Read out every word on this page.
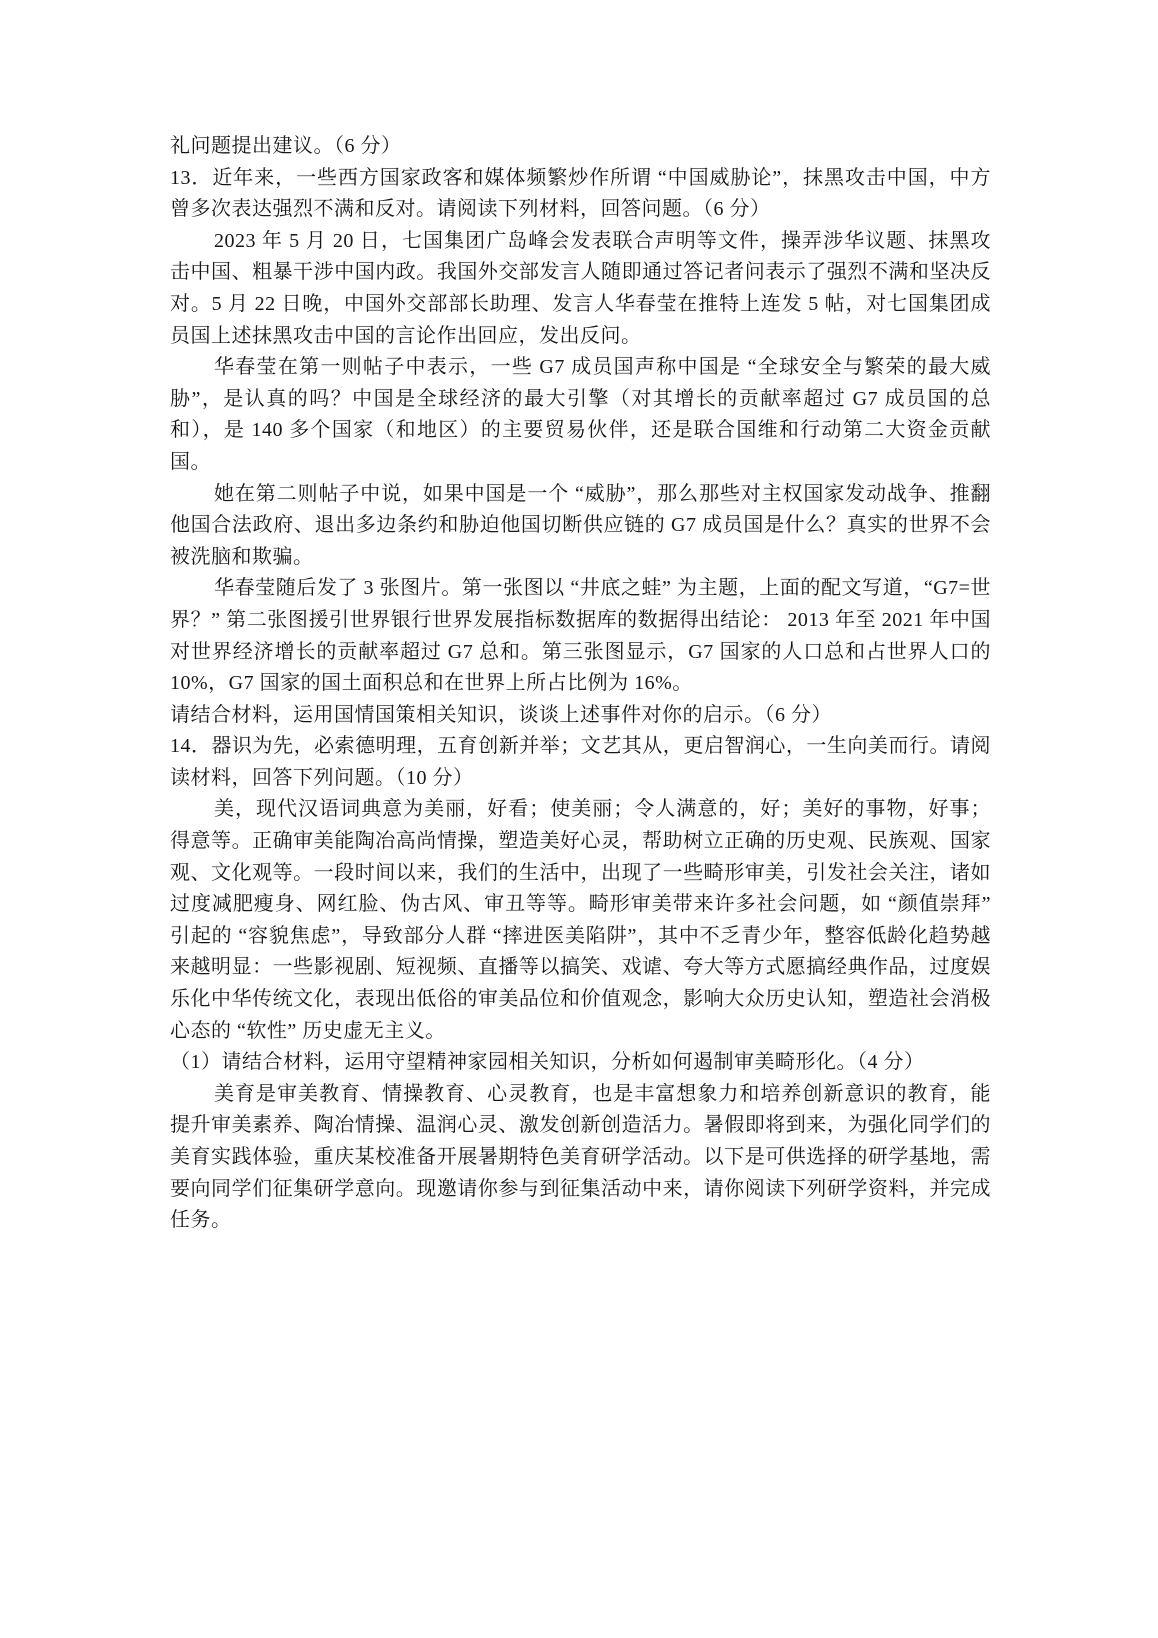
礼问题提出建议。（6 分）

13．近年来，一些西方国家政客和媒体频繁炒作所谓 “中国威胁论”，抹黑攻击中国，中方曾多次表达强烈不满和反对。请阅读下列材料，回答问题。（6 分）

2023 年 5 月 20 日，七国集团广岛峰会发表联合声明等文件，操弄涉华议题、抹黑攻击中国、粗暴干涉中国内政。我国外交部发言人随即通过答记者问表示了强烈不满和坚决反对。5 月 22 日晚，中国外交部部长助理、发言人华春莹在推特上连发 5 帖，对七国集团成员国上述抹黑攻击中国的言论作出回应，发出反问。

华春莹在第一则帖子中表示，一些 G7 成员国声称中国是 “全球安全与繁荣的最大威胁”，是认真的吗？中国是全球经济的最大引擎（对其增长的贡献率超过 G7 成员国的总和），是 140 多个国家（和地区）的主要贸易伙伴，还是联合国维和行动第二大资金贡献国。

她在第二则帖子中说，如果中国是一个 “威胁”，那么那些对主权国家发动战争、推翻他国合法政府、退出多边条约和胁迫他国切断供应链的 G7 成员国是什么？真实的世界不会被洗脑和欺骗。

华春莹随后发了 3 张图片。第一张图以 “井底之蛙” 为主题，上面的配文写道，“G7=世界？” 第二张图援引世界银行世界发展指标数据库的数据得出结论： 2013 年至 2021 年中国对世界经济增长的贡献率超过 G7 总和。第三张图显示，G7 国家的人口总和占世界人口的 10%，G7 国家的国土面积总和在世界上所占比例为 16%。

请结合材料，运用国情国策相关知识，谈谈上述事件对你的启示。（6 分）

14．器识为先，必索德明理，五育创新并举；文艺其从，更启智润心，一生向美而行。请阅读材料，回答下列问题。（10 分）

美，现代汉语词典意为美丽，好看；使美丽；令人满意的，好；美好的事物，好事；得意等。正确审美能陶冶高尚情操，塑造美好心灵，帮助树立正确的历史观、民族观、国家观、文化观等。一段时间以来，我们的生活中，出现了一些畸形审美，引发社会关注，诸如过度减肥瘦身、网红脸、伪古风、审丑等等。畸形审美带来许多社会问题，如 “颜值崇拜” 引起的 “容貌焦虑”，导致部分人群 “摔进医美陷阱”，其中不乏青少年，整容低龄化趋势越来越明显：一些影视剧、短视频、直播等以搞笑、戏谑、夸大等方式愿搞经典作品，过度娱乐化中华传统文化，表现出低俗的审美品位和价值观念，影响大众历史认知，塑造社会消极心态的 “软性” 历史虚无主义。

（1）请结合材料，运用守望精神家园相关知识，分析如何遏制审美畸形化。（4 分）

美育是审美教育、情操教育、心灵教育，也是丰富想象力和培养创新意识的教育，能提升审美素养、陶冶情操、温润心灵、激发创新创造活力。暑假即将到来，为强化同学们的美育实践体验，重庆某校准备开展暑期特色美育研学活动。以下是可供选择的研学基地，需要向同学们征集研学意向。现邀请你参与到征集活动中来，请你阅读下列研学资料，并完成任务。
